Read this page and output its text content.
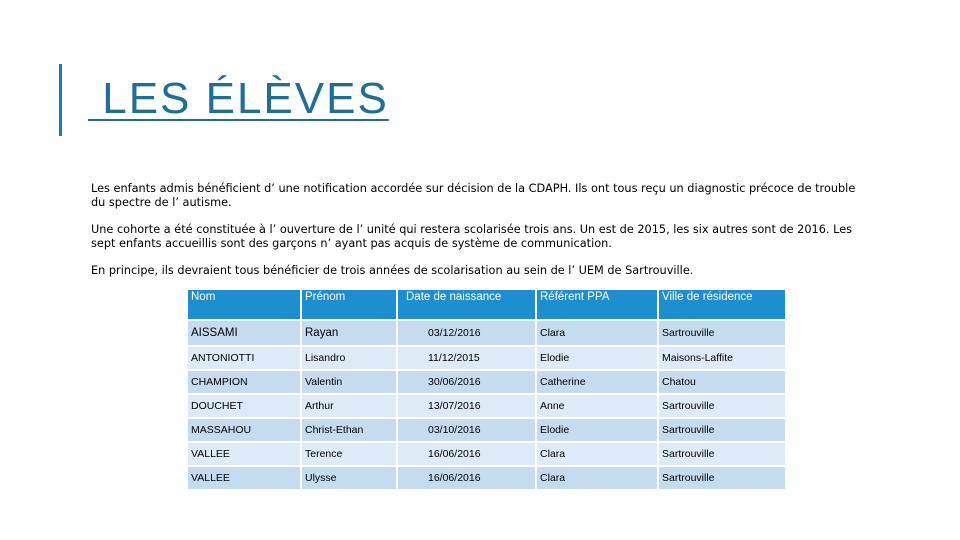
LES ÉLÈVES

Les enfants admis bénéficient d’ une notification accordée sur décision de la CDAPH. Ils ont tous reçu un diagnostic précoce de trouble du spectre de l’ autisme.

Une cohorte a été constituée à l’ ouverture de l’ unité qui restera scolarisée trois ans. Un est de 2015, les six autres sont de 2016. Les sept enfants accueillis sont des garçons n’ ayant pas acquis de système de communication.

En principe, ils devraient tous bénéficier de trois années de scolarisation au sein de l’ UEM de Sartrouville.

Nom	Prénom	Date de naissance	Référent PPA	Ville de résidence
AISSAMI	Rayan	03/12/2016	Clara	Sartrouville
ANTONIOTTI	Lisandro	11/12/2015	Elodie	Maisons-Laffite
CHAMPION	Valentin	30/06/2016	Catherine	Chatou
DOUCHET	Arthur	13/07/2016	Anne	Sartrouville
MASSAHOU	Christ-Ethan	03/10/2016	Elodie	Sartrouville
VALLEE	Terence	16/06/2016	Clara	Sartrouville
VALLEE	Ulysse	16/06/2016	Clara	Sartrouville
